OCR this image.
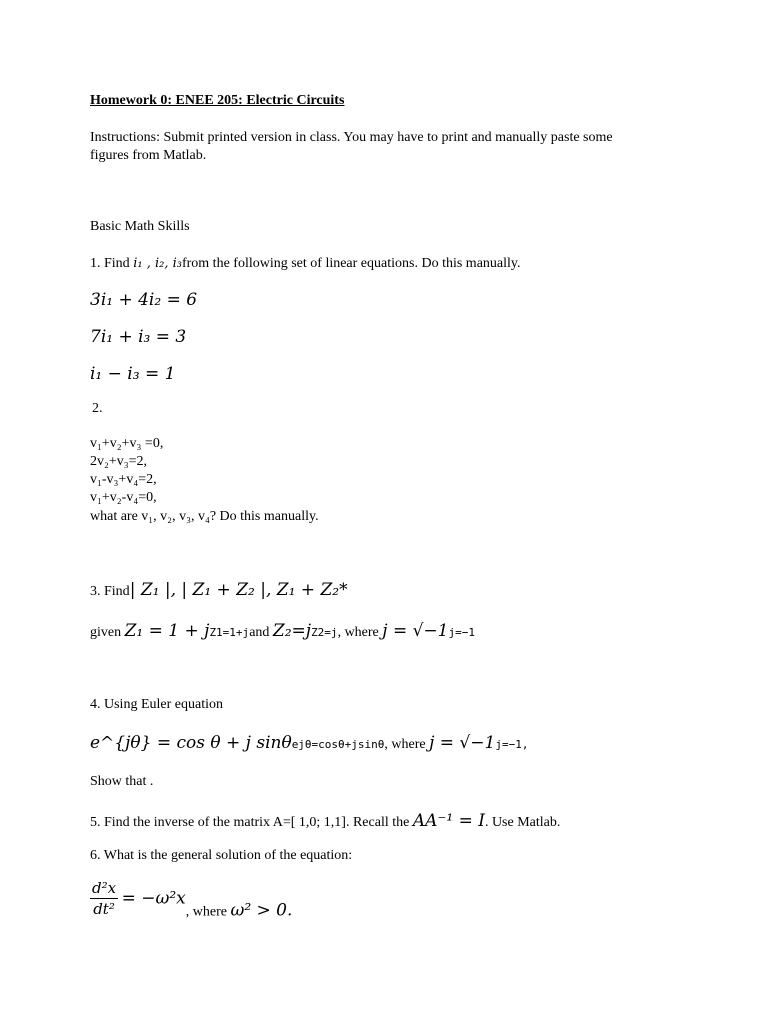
Homework 0: ENEE 205: Electric Circuits
Instructions: Submit printed version in class. You may have to print and manually paste some
figures from Matlab.
Basic Math Skills
1. Find i₁ , i₂, i₃from the following set of linear equations. Do this manually.
3i₁ + 4i₂ = 6
7i₁ + i₃ = 3
i₁ − i₃ = 1
2.
v₁+v₂+v₃ =0,
2v₂+v₃=2,
v₁-v₃+v₄=2,
v₁+v₂-v₄=0,
what are v₁, v₂, v₃, v₄? Do this manually.
3. Find| Z₁ |, | Z₁ + Z₂ |, Z₁ + Z₂*
given Z₁ = 1 + jZ1=1+jand Z₂=jZ2=j, where j = √−1j=−1
4. Using Euler equation
e^{jθ} = cos θ + j sinθejθ=cosθ+jsinθ, where j = √−1j=−1,
Show that .
5. Find the inverse of the matrix A=[ 1,0; 1,1]. Recall the AA⁻¹ = I. Use Matlab.
6. What is the general solution of the equation:
$\frac{\text{d²x}}{\text{dt²}} = -\omega^2x$, where ω² > 0.
